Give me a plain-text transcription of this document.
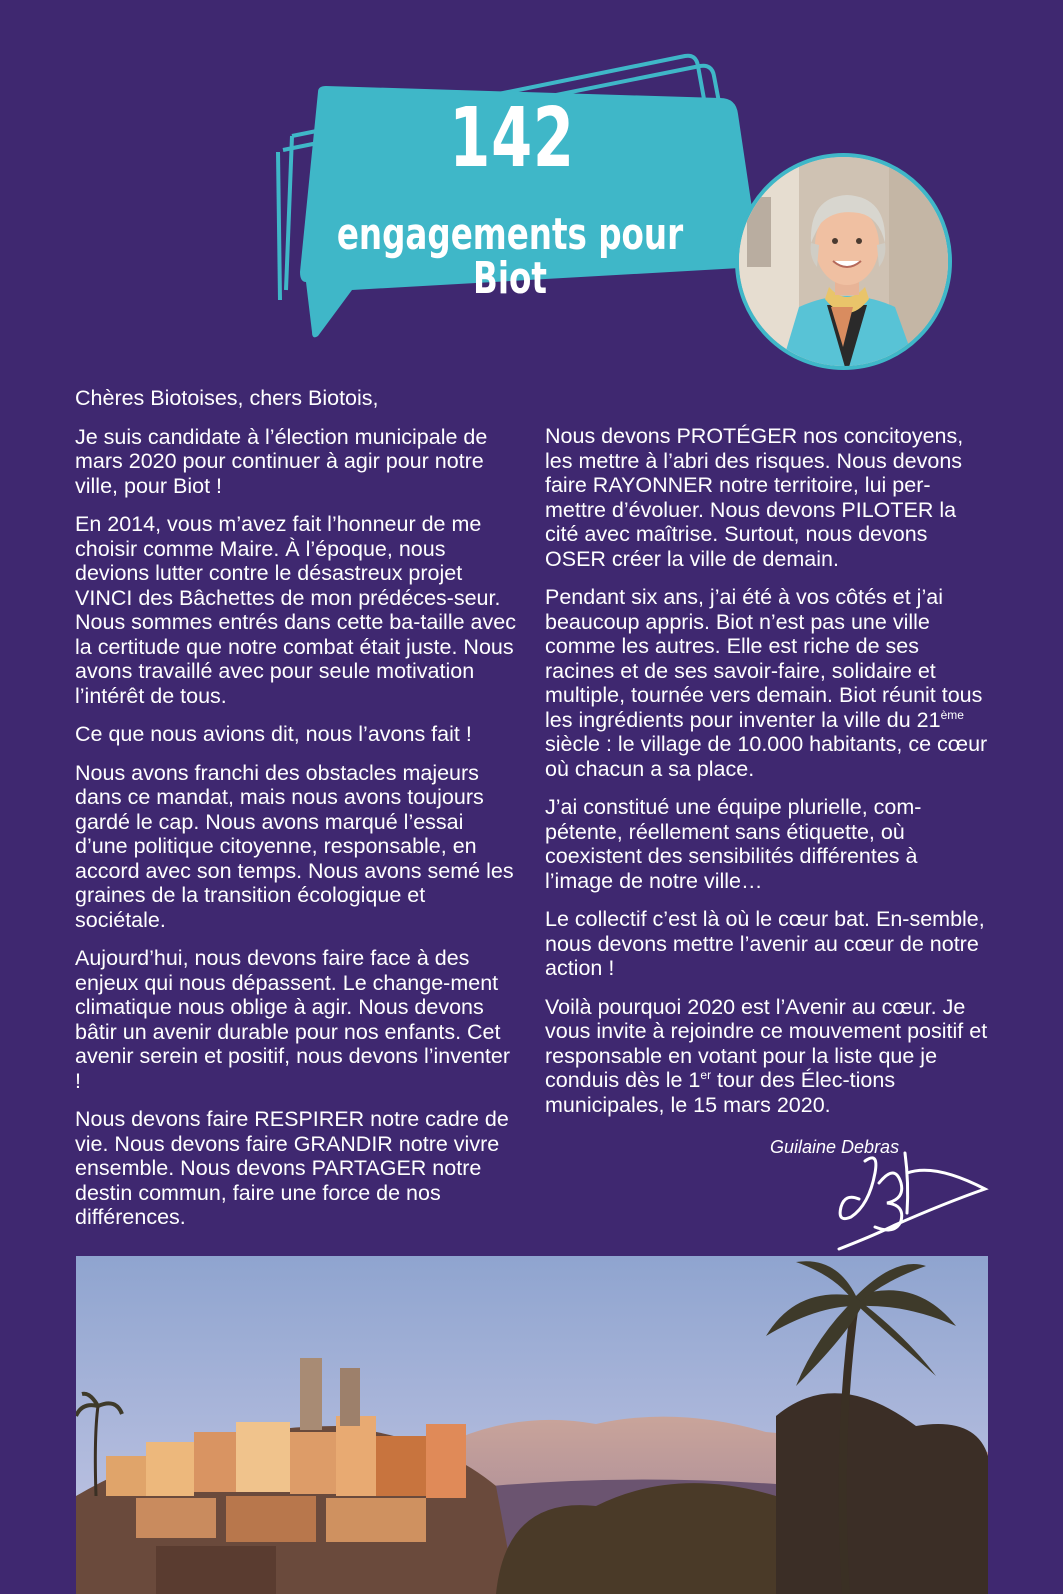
142
engagements pour Biot

Chères Biotoises, chers Biotois,

Je suis candidate à l’élection municipale de mars 2020 pour continuer à agir pour notre ville, pour Biot !

En 2014, vous m’avez fait l’honneur de me choisir comme Maire. À l’époque, nous devions lutter contre le désastreux projet VINCI des Bâchettes de mon prédéces-seur. Nous sommes entrés dans cette ba-taille avec la certitude que notre combat était juste. Nous avons travaillé avec pour seule motivation l’intérêt de tous.

Ce que nous avions dit, nous l’avons fait !

Nous avons franchi des obstacles majeurs dans ce mandat, mais nous avons toujours gardé le cap. Nous avons marqué l’essai d’une politique citoyenne, responsable, en accord avec son temps. Nous avons semé les graines de la transition écologique et sociétale.

Aujourd’hui, nous devons faire face à des enjeux qui nous dépassent. Le change-ment climatique nous oblige à agir. Nous devons bâtir un avenir durable pour nos enfants. Cet avenir serein et positif, nous devons l’inventer !

Nous devons faire RESPIRER notre cadre de vie. Nous devons faire GRANDIR notre vivre ensemble. Nous devons PARTAGER notre destin commun, faire une force de nos différences.

Nous devons PROTÉGER nos concitoyens, les mettre à l’abri des risques. Nous devons faire RAYONNER notre territoire, lui per-mettre d’évoluer. Nous devons PILOTER la cité avec maîtrise. Surtout, nous devons OSER créer la ville de demain.

Pendant six ans, j’ai été à vos côtés et j’ai beaucoup appris. Biot n’est pas une ville comme les autres. Elle est riche de ses racines et de ses savoir-faire, solidaire et multiple, tournée vers demain. Biot réunit tous les ingrédients pour inventer la ville du 21ème siècle : le village de 10.000 habitants, ce cœur où chacun a sa place.

J’ai constitué une équipe plurielle, com-pétente, réellement sans étiquette, où coexistent des sensibilités différentes à l’image de notre ville…

Le collectif c’est là où le cœur bat. En-semble, nous devons mettre l’avenir au cœur de notre action !

Voilà pourquoi 2020 est l’Avenir au cœur. Je vous invite à rejoindre ce mouvement positif et responsable en votant pour la liste que je conduis dès le 1er tour des Élec-tions municipales, le 15 mars 2020.

Guilaine Debras
